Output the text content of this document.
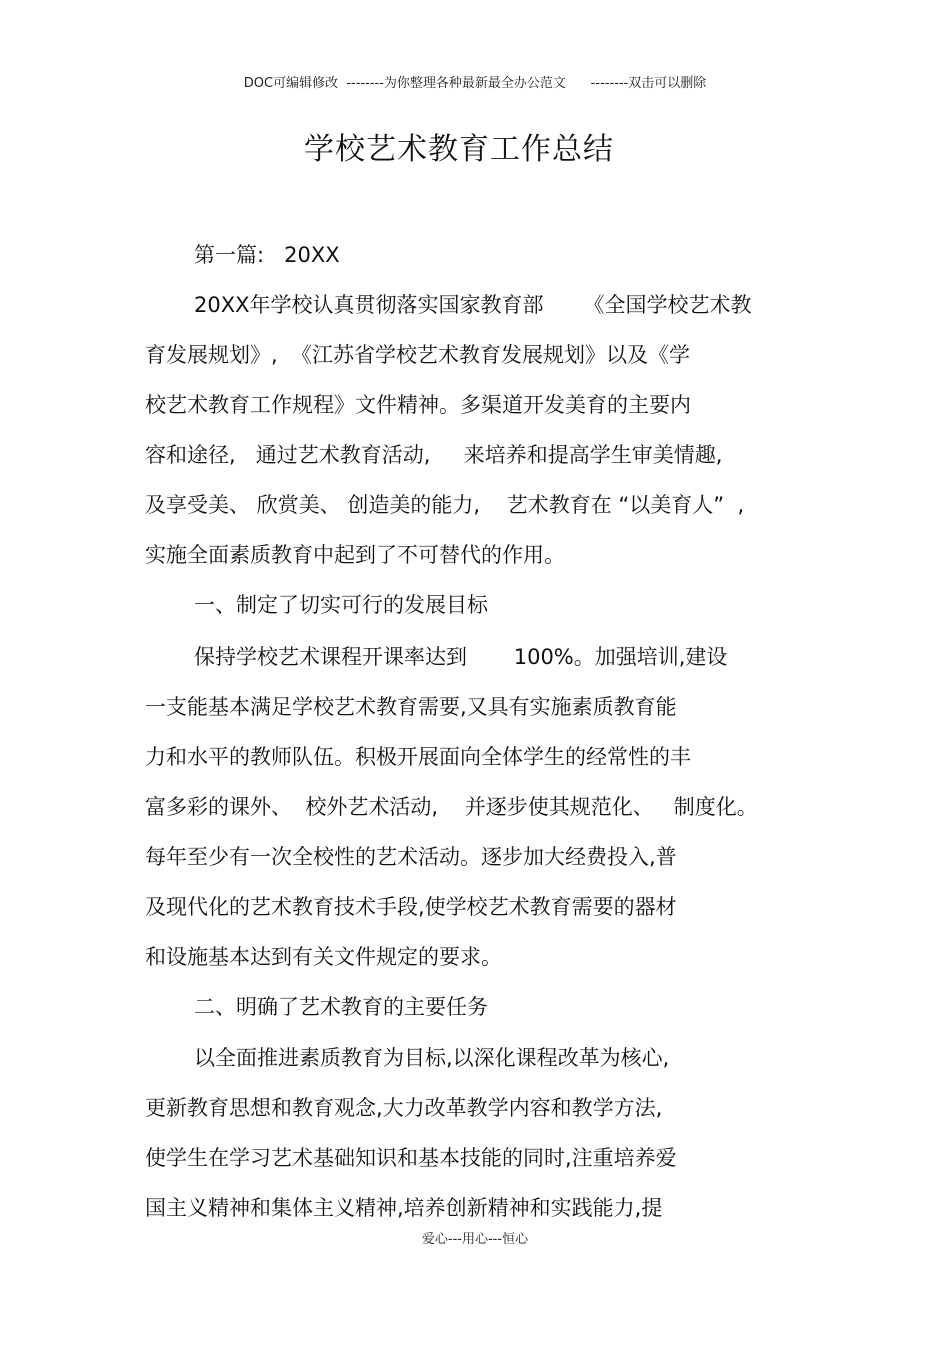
DOC可编辑修改  --------为你整理各种最新最全办公范文      --------双击可以删除
学校艺术教育工作总结
第一篇:   20XX
20XX年学校认真贯彻落实国家教育部      《全国学校艺术教
育发展规划》,  《江苏省学校艺术教育发展规划》以及《学
校艺术教育工作规程》文件精神。多渠道开发美育的主要内
容和途径,   通过艺术教育活动,     来培养和提高学生审美情趣,
及享受美、 欣赏美、 创造美的能力,    艺术教育在 “以美育人”  ,
实施全面素质教育中起到了不可替代的作用。
一、制定了切实可行的发展目标
保持学校艺术课程开课率达到       100%。加强培训,建设
一支能基本满足学校艺术教育需要,又具有实施素质教育能
力和水平的教师队伍。积极开展面向全体学生的经常性的丰
富多彩的课外、  校外艺术活动,    并逐步使其规范化、   制度化。
每年至少有一次全校性的艺术活动。逐步加大经费投入,普
及现代化的艺术教育技术手段,使学校艺术教育需要的器材
和设施基本达到有关文件规定的要求。
二、明确了艺术教育的主要任务
以全面推进素质教育为目标,以深化课程改革为核心,
更新教育思想和教育观念,大力改革教学内容和教学方法,
使学生在学习艺术基础知识和基本技能的同时,注重培养爱
国主义精神和集体主义精神,培养创新精神和实践能力,提
爱心---用心---恒心
